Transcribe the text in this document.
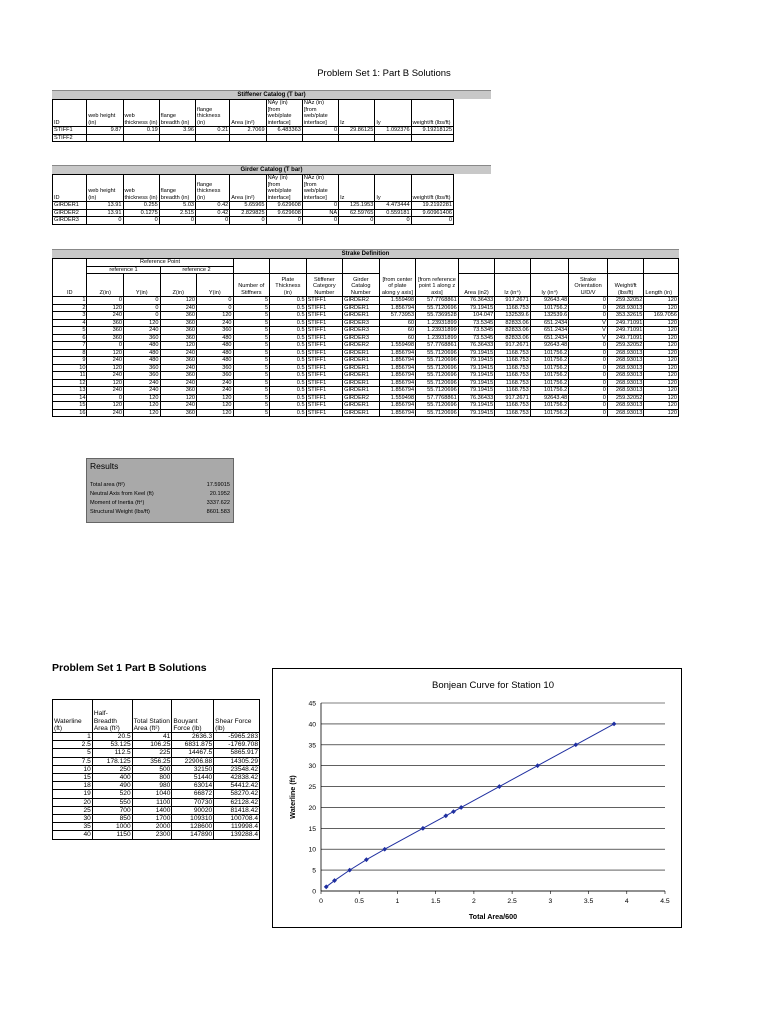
Problem Set 1: Part B Solutions
Stiffener Catalog (T bar)
ID	web height (in)	web thickness (in)	flange breadth (in)	flange thickness (in)	Area (in²)	NAy (in) [from web/plate interface]	NAz (in) [from web/plate interface]	Iz	Iy	weight/ft (lbs/ft)
STIFF1	9.87	0.19	3.96	0.21	2.7069	6.483363	0	29.86125	1.092376	9.19218125
STIFF2										
Girder Catalog (T bar)
ID	web height (in)	web thickness (in)	flange breadth (in)	flange thickness (in)	Area (in²)	NAy (in) [from web/plate interface]	NAz (in) [from web/plate interface]	Iz	Iy	weight/ft (lbs/ft)
GIRDER1	13.91	0.255	5.03	0.42	5.65965	9.629608	0	125.1953	4.473444	19.2192281
GIRDER2	13.91	0.1275	2.515	0.42	2.829825	9.629608	NA	62.59765	0.559181	9.60961406
GIRDER3	0	0	0	0	0	0	0	0	0	0
Strake Definition
ID	Reference Point								[from center of plate along y axis]	[from reference point 1 along z axis]						
	reference 1		reference 2													
	Z(in)	Y(in)	Z(in)	Y(in)	Number of Stiffners	Plate Thickness (in)	Stiffener Category Number	Girder Catalog Number			Area (in2)	Iz (in⁴)	Iy (in⁴)	Strake Orientation U/D/V	Weight/ft (lbs/ft)	Length (in)
1	0	0	120	0	5	0.5	STIFF1	GIRDER2	1.559498	57.7768861	76.36433	917.2671	92643.48	0	259.32052	120
2	120	0	240	0	5	0.5	STIFF1	GIRDER1	1.856794	55.7120696	79.19415	1168.753	101756.2	0	268.93013	120
3	240	0	360	120	5	0.5	STIFF1	GIRDER1	57.73953	55.7369528	104.047	132539.6	132539.6	0	353.32615	169.7056
4	360	120	360	240	5	0.5	STIFF1	GIRDER3	60	1.23931899	73.5345	82833.06	651.2434	V	249.71091	120
5	360	240	360	360	5	0.5	STIFF1	GIRDER3	60	1.23931899	73.5345	82833.06	651.2434	V	249.71091	120
6	360	360	360	480	5	0.5	STIFF1	GIRDER3	60	1.23931899	73.5345	82833.06	651.2434	V	249.71091	120
7	0	480	120	480	5	0.5	STIFF1	GIRDER2	1.559498	57.7768861	76.36433	917.2671	92643.48	0	259.32052	120
8	120	480	240	480	5	0.5	STIFF1	GIRDER1	1.856794	55.7120696	79.19415	1168.753	101756.2	0	268.93013	120
9	240	480	360	480	5	0.5	STIFF1	GIRDER1	1.856794	55.7120696	79.19415	1168.753	101756.2	0	268.93013	120
10	120	360	240	360	5	0.5	STIFF1	GIRDER1	1.856794	55.7120696	79.19415	1168.753	101756.2	0	268.93013	120
11	240	360	360	360	5	0.5	STIFF1	GIRDER1	1.856794	55.7120696	79.19415	1168.753	101756.2	0	268.93013	120
12	120	240	240	240	5	0.5	STIFF1	GIRDER1	1.856794	55.7120696	79.19415	1168.753	101756.2	0	268.93013	120
13	240	240	360	240	5	0.5	STIFF1	GIRDER1	1.856794	55.7120696	79.19415	1168.753	101756.2	0	268.93013	120
14	0	120	120	120	5	0.5	STIFF1	GIRDER2	1.559498	57.7768861	76.36433	917.2671	92643.48	0	259.32052	120
15	120	120	240	120	5	0.5	STIFF1	GIRDER1	1.856794	55.7120696	79.19415	1168.753	101756.2	0	268.93013	120
16	240	120	360	120	5	0.5	STIFF1	GIRDER1	1.856794	55.7120696	79.19415	1168.753	101756.2	0	268.93013	120
Results
Total area (ft²)	17.59015
Neutral Axis from Keel (ft)	20.1952
Moment of Inertia (ft⁴)	3337.622
Structural Weight (lbs/ft)	8601.583
Problem Set 1 Part B Solutions
Waterline (ft)	Half-Breadth Area (ft²)	Total Station Area (ft²)	Bouyant Force (lb)	Shear Force (lb)
1	20.5	41	2636.3	-5965.283
2.5	53.125	106.25	6831.875	-1769.708
5	112.5	225	14467.5	5865.917
7.5	178.125	356.25	22906.88	14305.29
10	250	500	32150	23548.42
15	400	800	51440	42838.42
18	490	980	63014	54412.42
19	520	1040	66872	58270.42
20	550	1100	70730	62128.42
25	700	1400	90020	81418.42
30	850	1700	109310	100708.4
35	1000	2000	128600	119998.4
40	1150	2300	147890	139288.4
Bonjean Curve for Station 10
0
5
10
15
20
25
30
35
40
45
0	0.5	1	1.5	2	2.5	3	3.5	4	4.5
Total Area/600
Waterline (ft)
